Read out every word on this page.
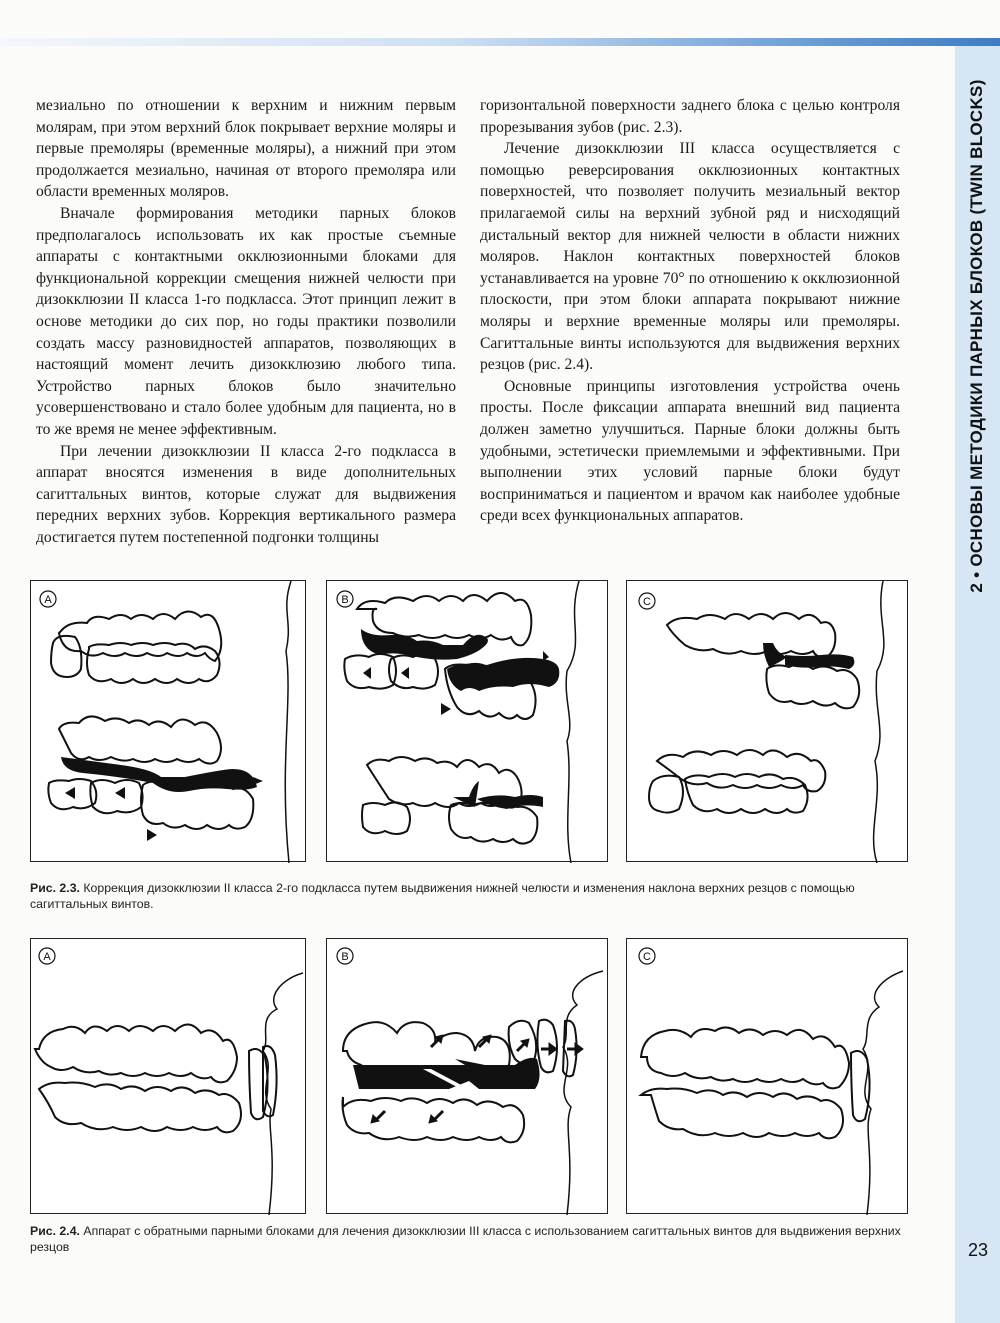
2 • ОСНОВЫ МЕТОДИКИ ПАРНЫХ БЛОКОВ (TWIN BLOCKS)
23

мезиально по отношении к верхним и нижним первым молярам, при этом верхний блок покрывает верхние моляры и первые премоляры (временные моляры), а нижний при этом продолжается мезиально, начиная от второго премоляра или области временных моляров.

Вначале формирования методики парных блоков предполагалось использовать их как простые съемные аппараты с контактными окклюзионными блоками для функциональной коррекции смещения нижней челюсти при дизокклюзии II класса 1-го подкласса. Этот принцип лежит в основе методики до сих пор, но годы практики позволили создать массу разновидностей аппаратов, позволяющих в настоящий момент лечить дизокклюзию любого типа. Устройство парных блоков было значительно усовершенствовано и стало более удобным для пациента, но в то же время не менее эффективным.

При лечении дизокклюзии II класса 2-го подкласса в аппарат вносятся изменения в виде дополнительных сагиттальных винтов, которые служат для выдвижения передних верхних зубов. Коррекция вертикального размера достигается путем постепенной подгонки толщины

горизонтальной поверхности заднего блока с целью контроля прорезывания зубов (рис. 2.3).

Лечение дизокклюзии III класса осуществляется с помощью реверсирования окклюзионных контактных поверхностей, что позволяет получить мезиальный вектор прилагаемой силы на верхний зубной ряд и нисходящий дистальный вектор для нижней челюсти в области нижних моляров. Наклон контактных поверхностей блоков устанавливается на уровне 70° по отношению к окклюзионной плоскости, при этом блоки аппарата покрывают нижние моляры и верхние временные моляры или премоляры. Сагиттальные винты используются для выдвижения верхних резцов (рис. 2.4).

Основные принципы изготовления устройства очень просты. После фиксации аппарата внешний вид пациента должен заметно улучшиться. Парные блоки должны быть удобными, эстетически приемлемыми и эффективными. При выполнении этих условий парные блоки будут восприниматься и пациентом и врачом как наиболее удобные среди всех функциональных аппаратов.

A	B	C
Рис. 2.3. Коррекция дизокклюзии II класса 2-го подкласса путем выдвижения нижней челюсти и изменения наклона верхних резцов с помощью сагиттальных винтов.
A	B	C
Рис. 2.4. Аппарат с обратными парными блоками для лечения дизокклюзии III класса с использованием сагиттальных винтов для выдвижения верхних резцов
